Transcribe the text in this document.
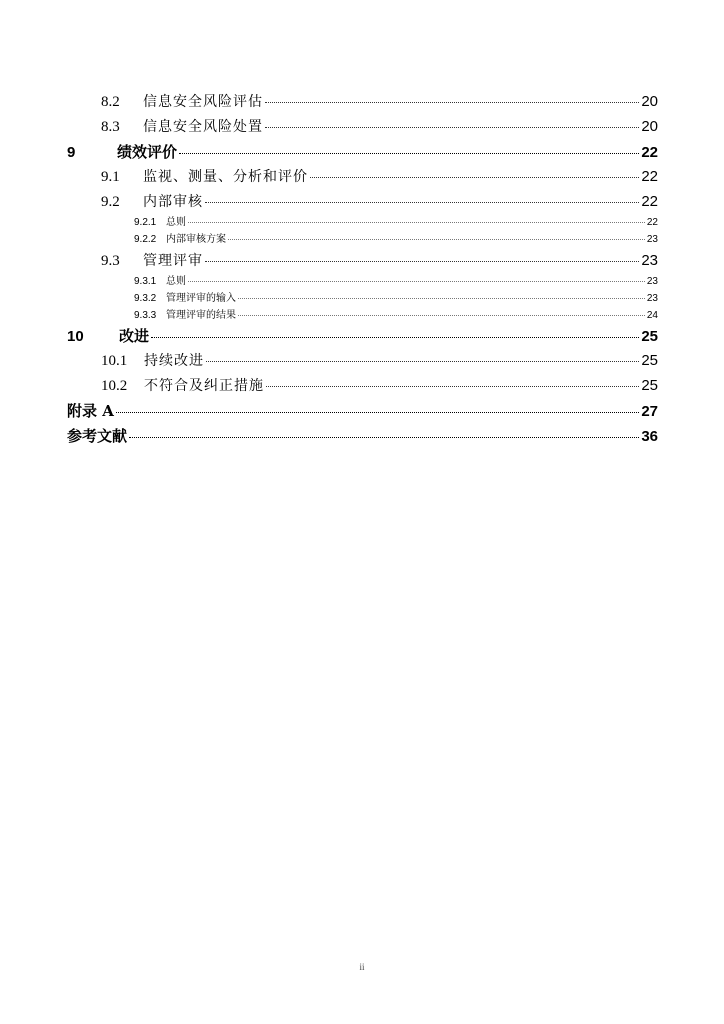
8.2	信息安全风险评估	20
8.3	信息安全风险处置	20
9	绩效评价	22
9.1	监视、测量、分析和评价	22
9.2	内部审核	22
9.2.1 总则	22
9.2.2 内部审核方案	23
9.3	管理评审	23
9.3.1 总则	23
9.3.2 管理评审的输入	23
9.3.3 管理评审的结果	24
10	改进	25
10.1	持续改进	25
10.2	不符合及纠正措施	25
附录 A	27
参考文献	36
ii
